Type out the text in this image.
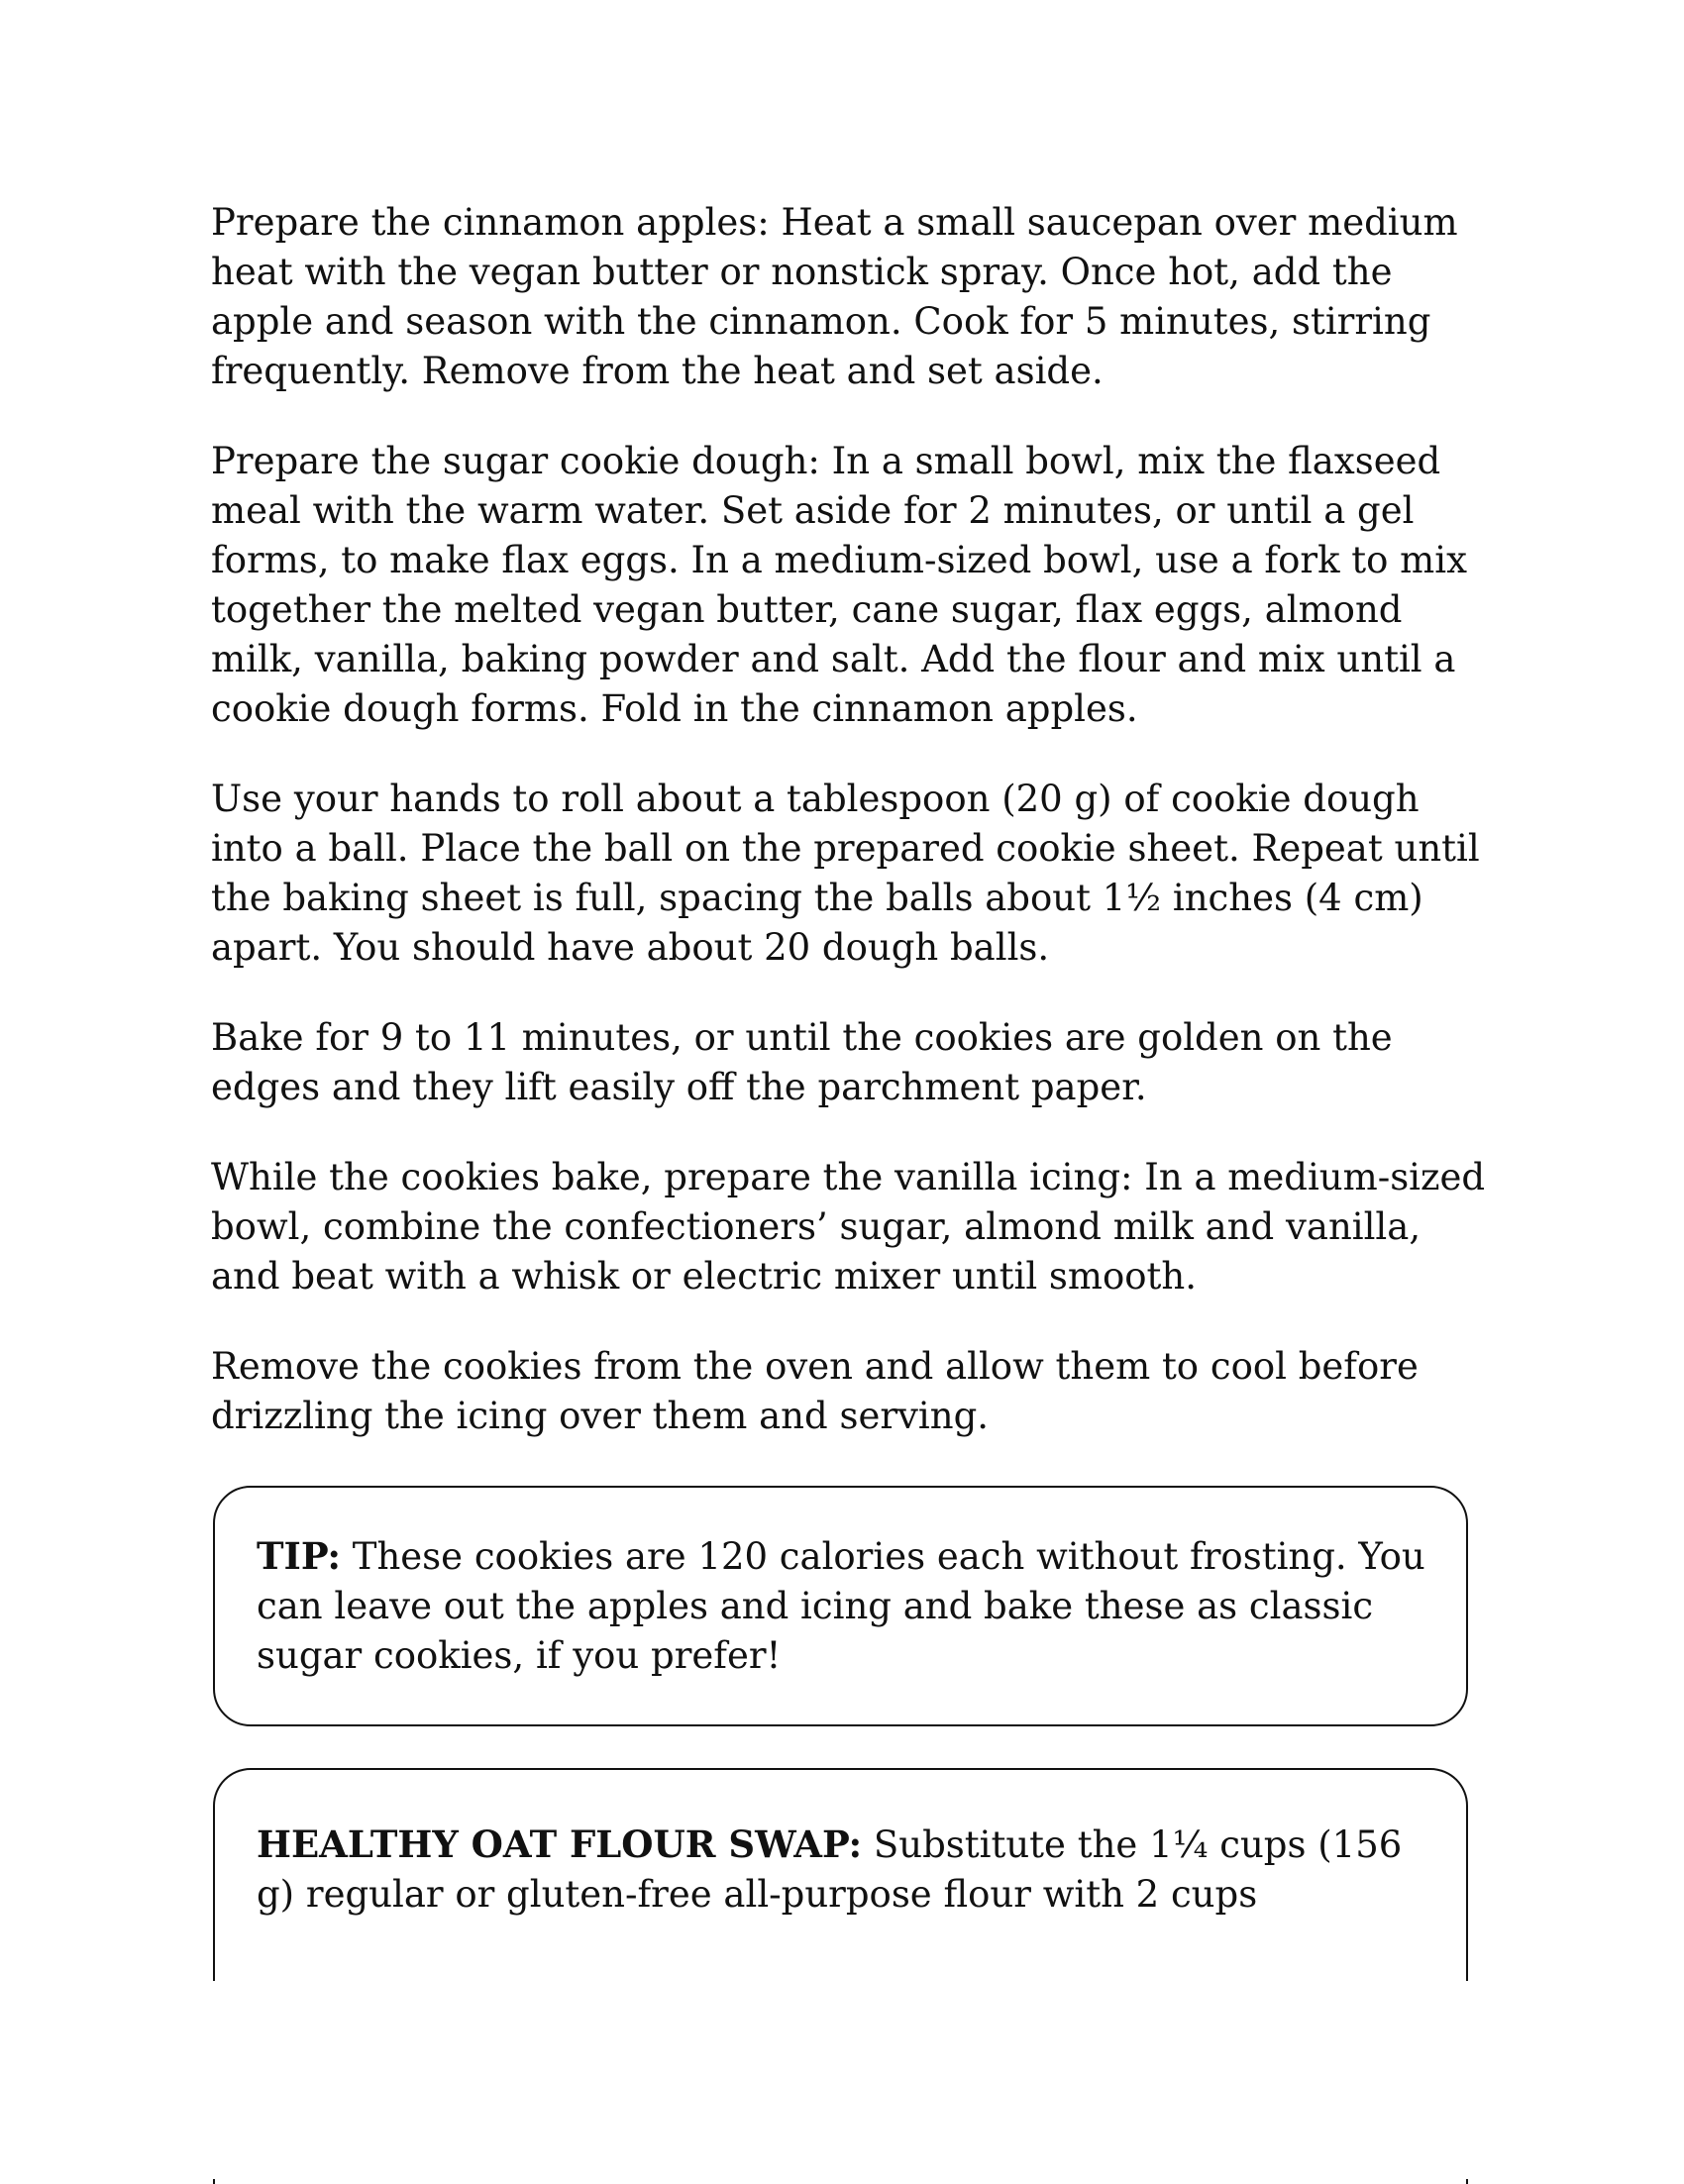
Prepare the cinnamon apples: Heat a small saucepan over medium heat with the vegan butter or nonstick spray. Once hot, add the apple and season with the cinnamon. Cook for 5 minutes, stirring frequently. Remove from the heat and set aside.

Prepare the sugar cookie dough: In a small bowl, mix the flaxseed meal with the warm water. Set aside for 2 minutes, or until a gel forms, to make flax eggs. In a medium-sized bowl, use a fork to mix together the melted vegan butter, cane sugar, flax eggs, almond milk, vanilla, baking powder and salt. Add the flour and mix until a cookie dough forms. Fold in the cinnamon apples.

Use your hands to roll about a tablespoon (20 g) of cookie dough into a ball. Place the ball on the prepared cookie sheet. Repeat until the baking sheet is full, spacing the balls about 1½ inches (4 cm) apart. You should have about 20 dough balls.

Bake for 9 to 11 minutes, or until the cookies are golden on the edges and they lift easily off the parchment paper.

While the cookies bake, prepare the vanilla icing: In a medium-sized bowl, combine the confectioners’ sugar, almond milk and vanilla, and beat with a whisk or electric mixer until smooth.

Remove the cookies from the oven and allow them to cool before drizzling the icing over them and serving.

TIP: These cookies are 120 calories each without frosting. You can leave out the apples and icing and bake these as classic sugar cookies, if you prefer!
HEALTHY OAT FLOUR SWAP: Substitute the 1¼ cups (156 g) regular or gluten-free all-purpose flour with 2 cups
